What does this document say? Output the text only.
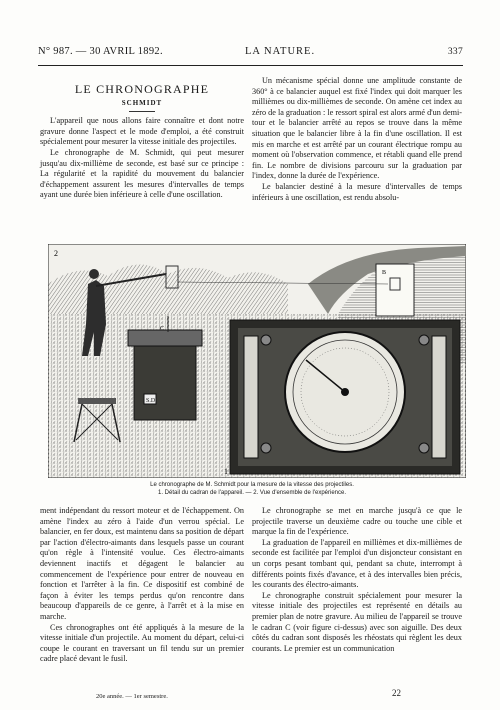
N° 987. — 30 AVRIL 1892.	LA NATURE.	337
LE CHRONOGRAPHE
SCHMIDT

L'appareil que nous allons faire connaître et dont notre gravure donne l'aspect et le mode d'emploi, a été construit spécialement pour mesurer la vitesse initiale des projectiles.

Le chronographe de M. Schmidt, qui peut mesurer jusqu'au dix-millième de seconde, est basé sur ce principe : La régularité et la rapidité du mouvement du balancier d'échappement assurent les mesures d'intervalles de temps ayant une durée bien inférieure à celle d'une oscillation.

Un mécanisme spécial donne une amplitude constante de 360° à ce balancier auquel est fixé l'index qui doit marquer les millièmes ou dix-millièmes de seconde. On amène cet index au zéro de la graduation : le ressort spiral est alors armé d'un demi-tour et le balancier arrêté au repos se trouve dans la même situation que le balancier libre à la fin d'une oscillation. Il est mis en marche et est arrêté par un courant électrique rompu au moment où l'observation commence, et rétabli quand elle prend fin. Le nombre de divisions parcouru sur la graduation par l'index, donne la durée de l'expérience.

Le balancier destiné à la mesure d'intervalles de temps inférieurs à une oscillation, est rendu absolu-

B
S.D
C
2
1
Le chronographe de M. Schmidt pour la mesure de la vitesse des projectiles.
1. Détail du cadran de l'appareil. — 2. Vue d'ensemble de l'expérience.

ment indépendant du ressort moteur et de l'échappement. On amène l'index au zéro à l'aide d'un verrou spécial. Le balancier, en fer doux, est maintenu dans sa position de départ par l'action d'électro-aimants dans lesquels passe un courant qu'on règle à l'intensité voulue. Ces électro-aimants deviennent inactifs et dégagent le balancier au commencement de l'expérience pour entrer de nouveau en fonction et l'arrêter à la fin. Ce dispositif est combiné de façon à éviter les temps perdus qu'on rencontre dans beaucoup d'appareils de ce genre, à l'arrêt et à la mise en marche.

Ces chronographes ont été appliqués à la mesure de la vitesse initiale d'un projectile. Au moment du départ, celui-ci coupe le courant en traversant un fil tendu sur un premier cadre placé devant le fusil.

Le chronographe se met en marche jusqu'à ce que le projectile traverse un deuxième cadre ou touche une cible et marque la fin de l'expérience.

La graduation de l'appareil en millièmes et dix-millièmes de seconde est facilitée par l'emploi d'un disjoncteur consistant en un corps pesant tombant qui, pendant sa chute, interrompt à différents points fixés d'avance, et à des intervalles bien précis, les courants des électro-aimants.

Le chronographe construit spécialement pour mesurer la vitesse initiale des projectiles est représenté en détails au premier plan de notre gravure. Au milieu de l'appareil se trouve le cadran C (voir figure ci-dessus) avec son aiguille. Des deux côtés du cadran sont disposés les rhéostats qui règlent les deux courants. Le premier est un communication

20e année. — 1er semestre.	22
